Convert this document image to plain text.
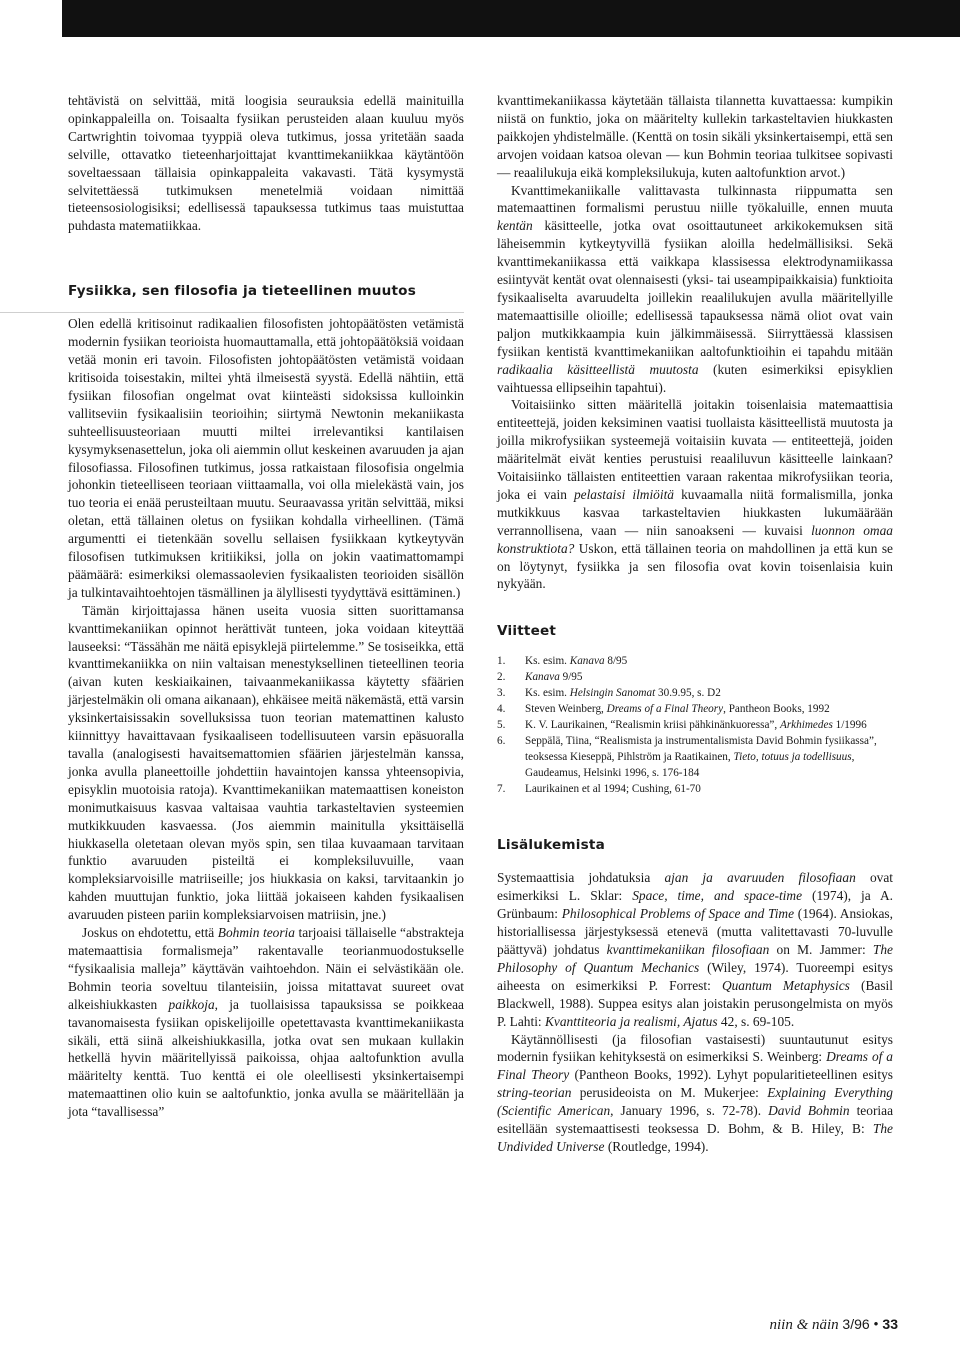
tehtävistä on selvittää, mitä loogisia seurauksia edellä mainituilla opinkappaleilla on. Toisaalta fysiikan perusteiden alaan kuuluu myös Cartwrightin toivomaa tyyppiä oleva tutkimus, jossa yritetään saada selville, ottavatko tieteenharjoittajat kvanttimekaniikkaa käytäntöön soveltaessaan tällaisia opinkappaleita vakavasti. Tätä kysymystä selvitettäessä tutkimuksen menetelmiä voidaan nimittää tieteensosiologisiksi; edellisessä tapauksessa tutkimus taas muistuttaa puhdasta matematiikkaa.

Fysiikka, sen filosofia ja tieteellinen muutos

Olen edellä kritisoinut radikaalien filosofisten johtopäätösten vetämistä modernin fysiikan teorioista huomauttamalla, että johtopäätöksiä voidaan vetää monin eri tavoin. Filosofisten johtopäätösten vetämistä voidaan kritisoida toisestakin, miltei yhtä ilmeisestä syystä. Edellä nähtiin, että fysiikan filosofian ongelmat ovat kiinteästi sidoksissa kulloinkin vallitseviin fysikaalisiin teorioihin; siirtymä Newtonin mekaniikasta suhteellisuusteoriaan muutti miltei irrelevantiksi kantilaisen kysymyksenasettelun, joka oli aiemmin ollut keskeinen avaruuden ja ajan filosofiassa. Filosofinen tutkimus, jossa ratkaistaan filosofisia ongelmia johonkin tieteelliseen teoriaan viittaamalla, voi olla mielekästä vain, jos tuo teoria ei enää perusteiltaan muutu. Seuraavassa yritän selvittää, miksi oletan, että tällainen oletus on fysiikan kohdalla virheellinen. (Tämä argumentti ei tietenkään sovellu sellaisen fysiikkaan kytkeytyvän filosofisen tutkimuksen kritiikiksi, jolla on jokin vaatimattomampi päämäärä: esimerkiksi olemassaolevien fysikaalisten teorioiden sisällön ja tulkintavaihtoehtojen täsmällinen ja älyllisesti tyydyttävä esittäminen.)

Tämän kirjoittajassa hänen useita vuosia sitten suorittamansa kvanttimekaniikan opinnot herättivät tunteen, joka voidaan kiteyttää lauseeksi: “Tässähän me näitä episyklejä piirtelemme.” Se tosiseikka, että kvanttimekaniikka on niin valtaisan menestyksellinen tieteellinen teoria (aivan kuten keskiaikainen, taivaanmekaniikassa käytetty sfäärien järjestelmäkin oli omana aikanaan), ehkäisee meitä näkemästä, että varsin yksinkertaisissakin sovelluksissa tuon teorian matemattinen kalusto kiinnittyy havaittavaan fysikaaliseen todellisuuteen varsin epäsuoralla tavalla (analogisesti havaitsemattomien sfäärien järjestelmän kanssa, jonka avulla planeettoille johdettiin havaintojen kanssa yhteensopivia, episyklin muotoisia ratoja). Kvanttimekaniikan matemaattisen koneiston monimutkaisuus kasvaa valtaisaa vauhtia tarkasteltavien systeemien mutkikkuuden kasvaessa. (Jos aiemmin mainitulla yksittäisellä hiukkasella oletetaan olevan myös spin, sen tilaa kuvaamaan tarvitaan funktio avaruuden pisteiltä ei kompleksiluvuille, vaan kompleksiarvoisille matriiseille; jos hiukkasia on kaksi, tarvitaankin jo kahden muuttujan funktio, joka liittää jokaiseen kahden fysikaalisen avaruuden pisteen pariin kompleksiarvoisen matriisin, jne.)

Joskus on ehdotettu, että Bohmin teoria tarjoaisi tällaiselle “abstrakteja matemaattisia formalismeja” rakentavalle teorianmuodostukselle “fysikaalisia malleja” käyttävän vaihtoehdon. Näin ei selvästikään ole. Bohmin teoria soveltuu tilanteisiin, joissa mitattavat suureet ovat alkeishiukkasten paikkoja, ja tuollaisissa tapauksissa se poikkeaa tavanomaisesta fysiikan opiskelijoille opetettavasta kvanttimekaniikasta sikäli, että siinä alkeishiukkasilla, jotka ovat sen mukaan kullakin hetkellä hyvin määritellyissä paikoissa, ohjaa aaltofunktion avulla määritelty kenttä. Tuo kenttä ei ole oleellisesti yksinkertaisempi matemaattinen olio kuin se aaltofunktio, jonka avulla se määritellään ja jota “tavallisessa”

kvanttimekaniikassa käytetään tällaista tilannetta kuvattaessa: kumpikin niistä on funktio, joka on määritelty kullekin tarkasteltavien hiukkasten paikkojen yhdistelmälle. (Kenttä on tosin sikäli yksinkertaisempi, että sen arvojen voidaan katsoa olevan — kun Bohmin teoriaa tulkitsee sopivasti — reaalilukuja eikä kompleksilukuja, kuten aaltofunktion arvot.)

Kvanttimekaniikalle valittavasta tulkinnasta riippumatta sen matemaattinen formalismi perustuu niille työkaluille, ennen muuta kentän käsitteelle, jotka ovat osoittautuneet arkikokemuksen sitä läheisemmin kytkeytyvillä fysiikan aloilla hedelmällisiksi. Sekä kvanttimekaniikassa että vaikkapa klassisessa elektrodynamiikassa esiintyvät kentät ovat olennaisesti (yksi- tai useampipaikkaisia) funktioita fysikaaliselta avaruudelta joillekin reaalilukujen avulla määritellyille matemaattisille olioille; edellisessä tapauksessa nämä oliot ovat vain paljon mutkikkaampia kuin jälkimmäisessä. Siirryttäessä klassisen fysiikan kentistä kvanttimekaniikan aaltofunktioihin ei tapahdu mitään radikaalia käsitteellistä muutosta (kuten esimerkiksi episyklien vaihtuessa ellipseihin tapahtui).

Voitaisiinko sitten määritellä joitakin toisenlaisia matemaattisia entiteettejä, joiden keksiminen vaatisi tuollaista käsitteellistä muutosta ja joilla mikrofysiikan systeemejä voitaisiin kuvata — entiteettejä, joiden määritelmät eivät kenties perustuisi reaaliluvun käsitteelle lainkaan? Voitaisiinko tällaisten entiteettien varaan rakentaa mikrofysiikan teoria, joka ei vain pelastaisi ilmiöitä kuvaamalla niitä formalismilla, jonka mutkikkuus kasvaa tarkasteltavien hiukkasten lukumäärään verrannollisena, vaan — niin sanoakseni — kuvaisi luonnon omaa konstruktiota? Uskon, että tällainen teoria on mahdollinen ja että kun se on löytynyt, fysiikka ja sen filosofia ovat kovin toisenlaisia kuin nykyään.

Viitteet
1.	Ks. esim. Kanava 8/95
2.	Kanava 9/95
3.	Ks. esim. Helsingin Sanomat 30.9.95, s. D2
4.	Steven Weinberg, Dreams of a Final Theory, Pantheon Books, 1992
5.	K. V. Laurikainen, “Realismin kriisi pähkinänkuoressa”, Arkhimedes 1/1996
6.	Seppälä, Tiina, “Realismista ja instrumentalismista David Bohmin fysiikassa”, teoksessa Kieseppä, Pihlström ja Raatikainen, Tieto, totuus ja todellisuus, Gaudeamus, Helsinki 1996, s. 176-184
7.	Laurikainen et al 1994; Cushing, 61-70
Lisälukemista

Systemaattisia johdatuksia ajan ja avaruuden filosofiaan ovat esimerkiksi L. Sklar: Space, time, and space-time (1974), ja A. Grünbaum: Philosophical Problems of Space and Time (1964). Ansiokas, historiallisessa järjestyksessä etenevä (mutta valitettavasti 70-luvulle päättyvä) johdatus kvanttimekaniikan filosofiaan on M. Jammer: The Philosophy of Quantum Mechanics (Wiley, 1974). Tuoreempi esitys aiheesta on esimerkiksi P. Forrest: Quantum Metaphysics (Basil Blackwell, 1988). Suppea esitys alan joistakin perusongelmista on myös P. Lahti: Kvanttiteoria ja realismi, Ajatus 42, s. 69-105.

Käytännöllisesti (ja filosofian vastaisesti) suuntautunut esitys modernin fysiikan kehityksestä on esimerkiksi S. Weinberg: Dreams of a Final Theory (Pantheon Books, 1992). Lyhyt popularitieteellinen esitys string-teorian perusideoista on M. Mukerjee: Explaining Everything (Scientific American, January 1996, s. 72-78). David Bohmin teoriaa esitellään systemaattisesti teoksessa D. Bohm, & B. Hiley, B: The Undivided Universe (Routledge, 1994).

niin & näin 3/96 • 33
